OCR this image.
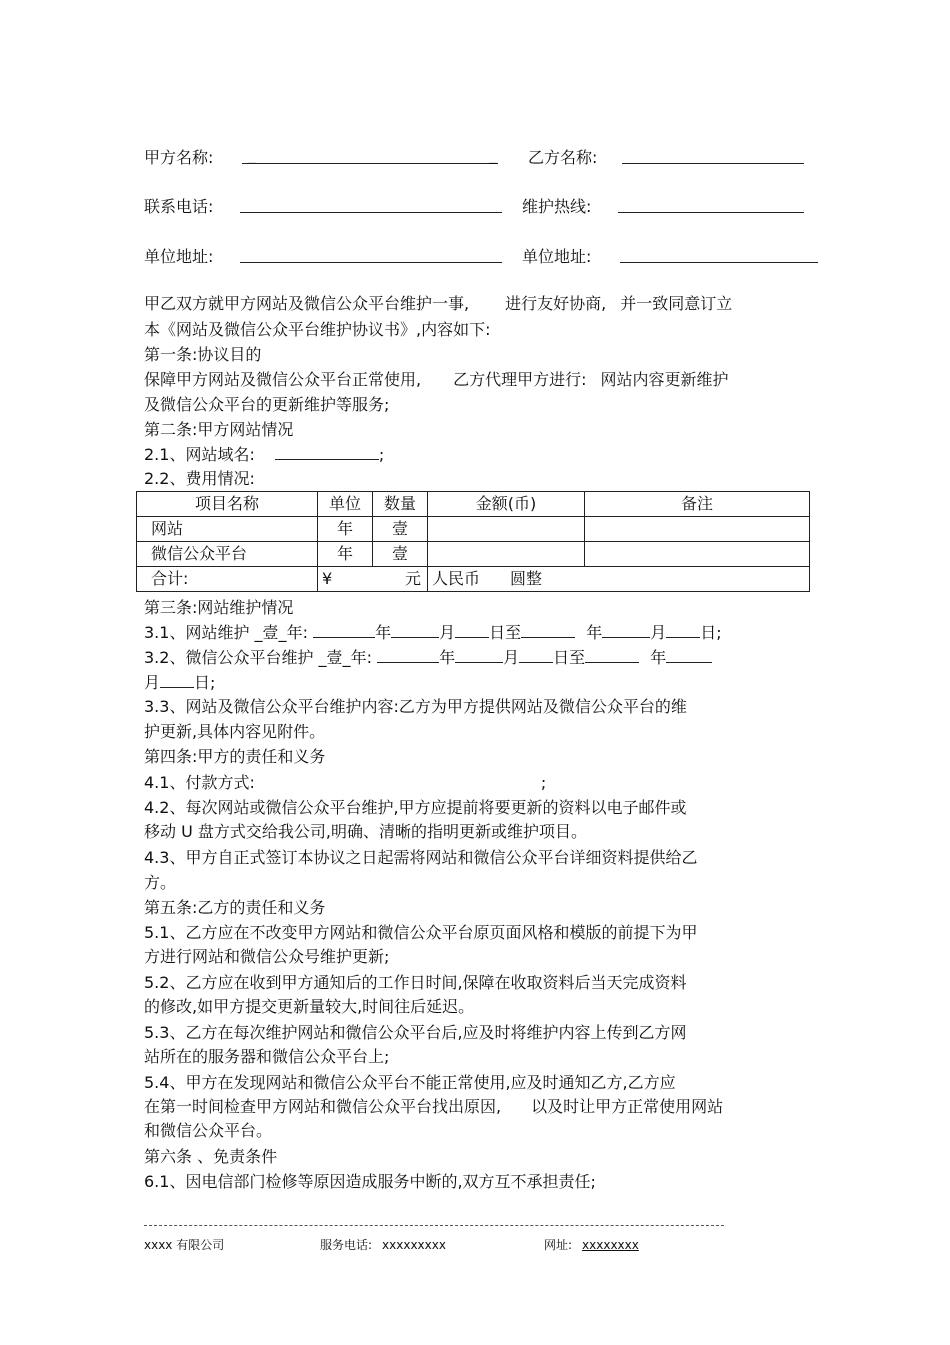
甲方名称: _	_ 乙方名称:
联系电话:	维护热线:
单位地址:	单位地址:
甲乙双方就甲方网站及微信公众平台维护一事, 进行友好协商, 并一致同意订立
本《网站及微信公众平台维护协议书》,内容如下:
第一条:协议目的
保障甲方网站及微信公众平台正常使用, 乙方代理甲方进行: 网站内容更新维护
及微信公众平台的更新维护等服务;
第二条:甲方网站情况
2.1、网站域名:	;
2.2、费用情况:
项目名称	单位	数量	金额(币)	备注
网站	年	壹		
微信公众平台	年	壹		
合计:	¥ 元		人民币 圆整	
第三条:网站维护情况
3.1、网站维护 _壹_年:	年	月 日至	年	月 日;
3.2、微信公众平台维护 _壹_年:	年	月 日至	年
月 日;
3.3、网站及微信公众平台维护内容:乙方为甲方提供网站及微信公众平台的维
护更新,具体内容见附件。
第四条:甲方的责任和义务
4.1、付款方式:	;
4.2、每次网站或微信公众平台维护,甲方应提前将要更新的资料以电子邮件或
移动 U 盘方式交给我公司,明确、清晰的指明更新或维护项目。
4.3、甲方自正式签订本协议之日起需将网站和微信公众平台详细资料提供给乙
方。
第五条:乙方的责任和义务
5.1、乙方应在不改变甲方网站和微信公众平台原页面风格和模版的前提下为甲
方进行网站和微信公众号维护更新;
5.2、乙方应在收到甲方通知后的工作日时间,保障在收取资料后当天完成资料
的修改,如甲方提交更新量较大,时间往后延迟。
5.3、乙方在每次维护网站和微信公众平台后,应及时将维护内容上传到乙方网
站所在的服务器和微信公众平台上;
5.4、甲方在发现网站和微信公众平台不能正常使用,应及时通知乙方,乙方应
在第一时间检查甲方网站和微信公众平台找出原因, 以及时让甲方正常使用网站
和微信公众平台。
第六条 、免责条件
6.1、因电信部门检修等原因造成服务中断的,双方互不承担责任;
xxxx 有限公司	服务电话: xxxxxxxxx	网址: xxxxxxxx
